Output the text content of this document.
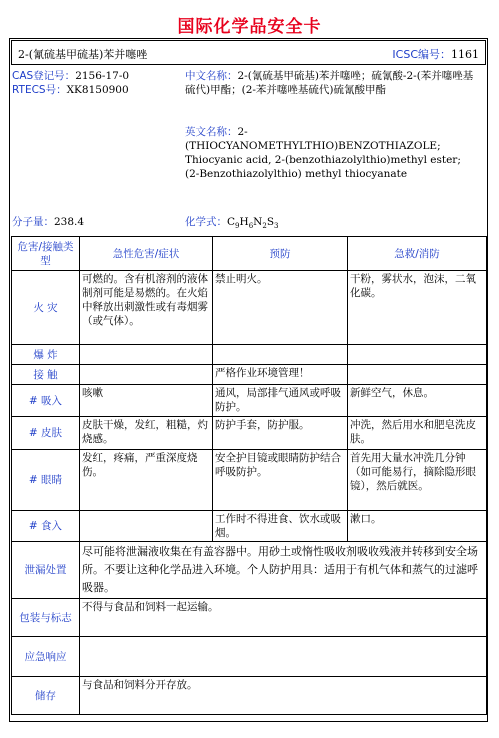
国际化学品安全卡
2-(氰硫基甲硫基)苯并噻唑	ICSC编号：1161
CAS登记号：2156-17-0
RTECS号：XK8150900
中文名称：2-(氰硫基甲硫基)苯并噻唑；硫氰酸-2-(苯并噻唑基硫代)甲酯；(2-苯并噻唑基硫代)硫氰酸甲酯
英文名称：2-(THIOCYANOMETHYLTHIO)BENZOTHIAZOLE; Thiocyanic acid, 2-(benzothiazolylthio)methyl ester; (2-Benzothiazolylthio) methyl thiocyanate
分子量：238.4	化学式：$C_9H_6N_2S_3$
危害/接触类型	急性危害/症状	预防	急救/消防
火 灾	可燃的。含有机溶剂的液体制剂可能是易燃的。在火焰中释放出刺激性或有毒烟雾（或气体）。	禁止明火。	干粉，雾状水，泡沫，二氧化碳。
爆 炸			
接 触		严格作业环境管理！	
# 吸入	咳嗽	通风，局部排气通风或呼吸防护。	新鲜空气，休息。
# 皮肤	皮肤干燥，发红，粗糙，灼烧感。	防护手套，防护服。	冲洗，然后用水和肥皂洗皮肤。
# 眼睛	发红，疼痛，严重深度烧伤。	安全护目镜或眼睛防护结合呼吸防护。	首先用大量水冲洗几分钟（如可能易行，摘除隐形眼镜），然后就医。
# 食入		工作时不得进食、饮水或吸烟。	漱口。
泄漏处置	尽可能将泄漏液收集在有盖容器中。用砂土或惰性吸收剂吸收残液并转移到安全场所。不要让这种化学品进入环境。个人防护用具：适用于有机气体和蒸气的过滤呼吸器。		
包装与标志	不得与食品和饲料一起运输。		
应急响应			
储存	与食品和饲料分开存放。		
